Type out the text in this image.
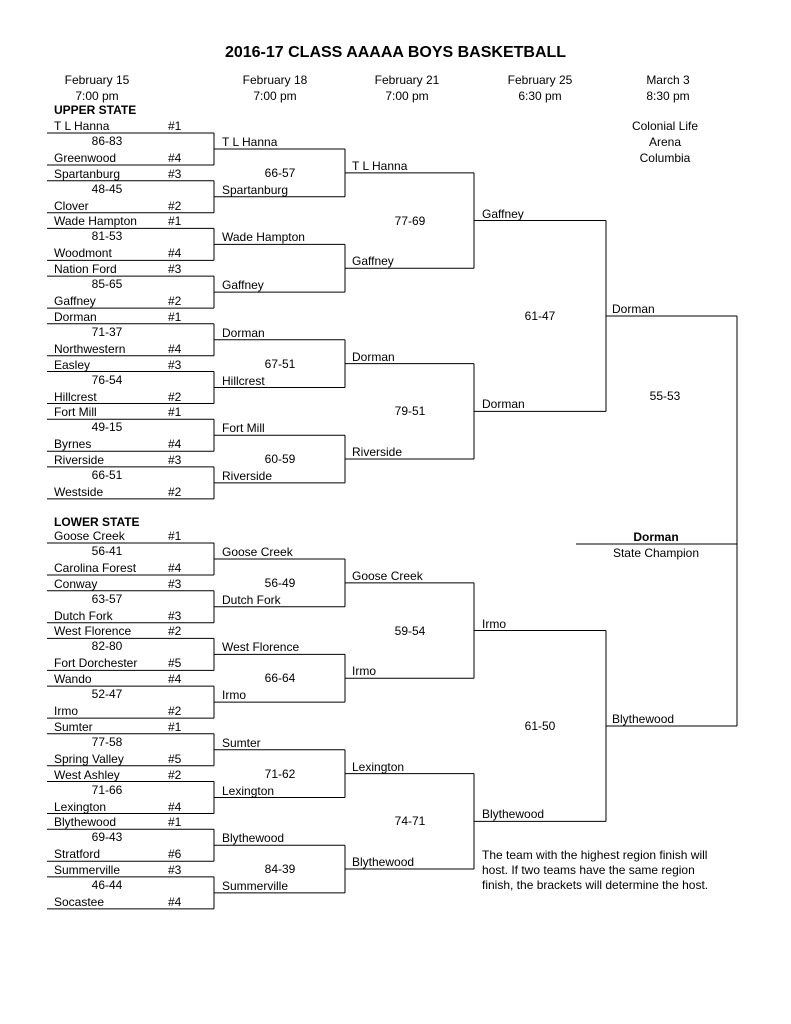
2016-17 CLASS AAAAA BOYS BASKETBALL
February 15
7:00 pm
February 18
7:00 pm
February 21
7:00 pm
February 25
6:30 pm
March 3
8:30 pm
UPPER STATE
LOWER STATE
Colonial Life
Arena
Columbia
T L Hanna	#1
86-83
Greenwood	#4
Spartanburg	#3
48-45
Clover	#2
Wade Hampton	#1
81-53
Woodmont	#4
Nation Ford	#3
85-65
Gaffney	#2
Dorman	#1
71-37
Northwestern	#4
Easley	#3
76-54
Hillcrest	#2
Fort Mill	#1
49-15
Byrnes	#4
Riverside	#3
66-51
Westside	#2
Goose Creek	#1
56-41
Carolina Forest	#4
Conway	#3
63-57
Dutch Fork	#3
West Florence	#2
82-80
Fort Dorchester	#5
Wando	#4
52-47
Irmo	#2
Sumter	#1
77-58
Spring Valley	#5
West Ashley	#2
71-66
Lexington	#4
Blythewood	#1
69-43
Stratford	#6
Summerville	#3
46-44
Socastee	#4
T L Hanna
Spartanburg
66-57
Wade Hampton
Gaffney
Dorman
Hillcrest
67-51
Fort Mill
Riverside
60-59
Goose Creek
Dutch Fork
56-49
West Florence
Irmo
66-64
Sumter
Lexington
71-62
Blythewood
Summerville
84-39
T L Hanna
Gaffney
77-69
Dorman
Riverside
79-51
Goose Creek
Irmo
59-54
Lexington
Blythewood
74-71
Gaffney
Dorman
61-47
Irmo
Blythewood
61-50
Dorman
Blythewood
55-53
Dorman
State Champion
The team with the highest region finish will
host. If two teams have the same region
finish, the brackets will determine the host.
